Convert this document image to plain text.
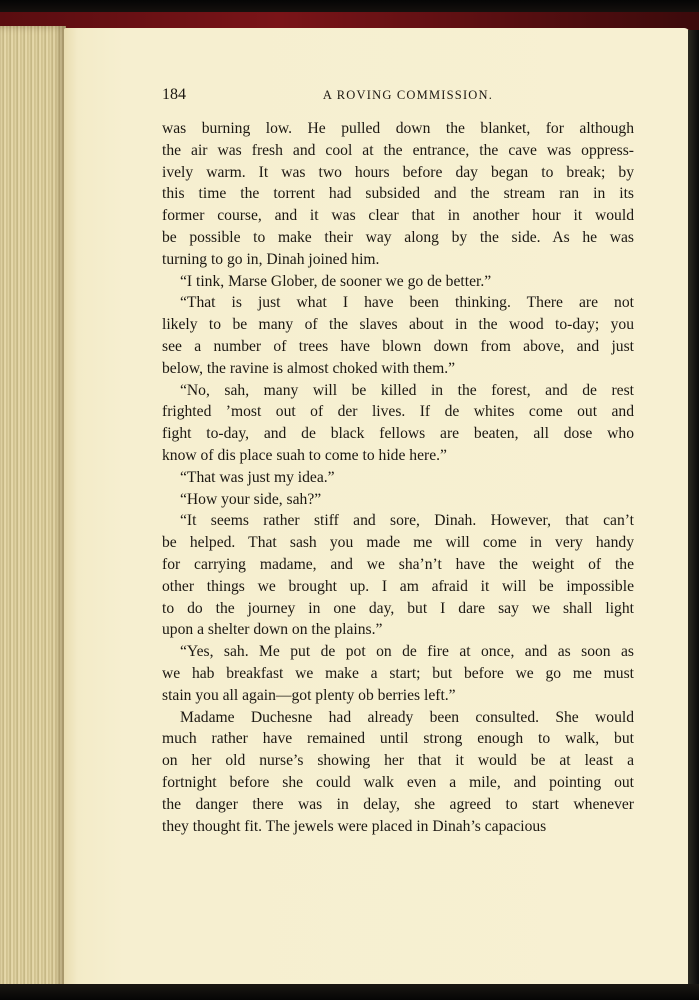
184	A ROVING COMMISSION.
was burning low. He pulled down the blanket, for although
the air was fresh and cool at the entrance, the cave was oppress-
ively warm. It was two hours before day began to break; by
this time the torrent had subsided and the stream ran in its
former course, and it was clear that in another hour it would
be possible to make their way along by the side. As he was
turning to go in, Dinah joined him.
“I tink, Marse Glober, de sooner we go de better.”
“That is just what I have been thinking. There are not
likely to be many of the slaves about in the wood to-day; you
see a number of trees have blown down from above, and just
below, the ravine is almost choked with them.”
“No, sah, many will be killed in the forest, and de rest
frighted ’most out of der lives. If de whites come out and
fight to-day, and de black fellows are beaten, all dose who
know of dis place suah to come to hide here.”
“That was just my idea.”
“How your side, sah?”
“It seems rather stiff and sore, Dinah. However, that can’t
be helped. That sash you made me will come in very handy
for carrying madame, and we sha’n’t have the weight of the
other things we brought up. I am afraid it will be impossible
to do the journey in one day, but I dare say we shall light
upon a shelter down on the plains.”
“Yes, sah. Me put de pot on de fire at once, and as soon as
we hab breakfast we make a start; but before we go me must
stain you all again—got plenty ob berries left.”
Madame Duchesne had already been consulted. She would
much rather have remained until strong enough to walk, but
on her old nurse’s showing her that it would be at least a
fortnight before she could walk even a mile, and pointing out
the danger there was in delay, she agreed to start whenever
they thought fit. The jewels were placed in Dinah’s capacious
